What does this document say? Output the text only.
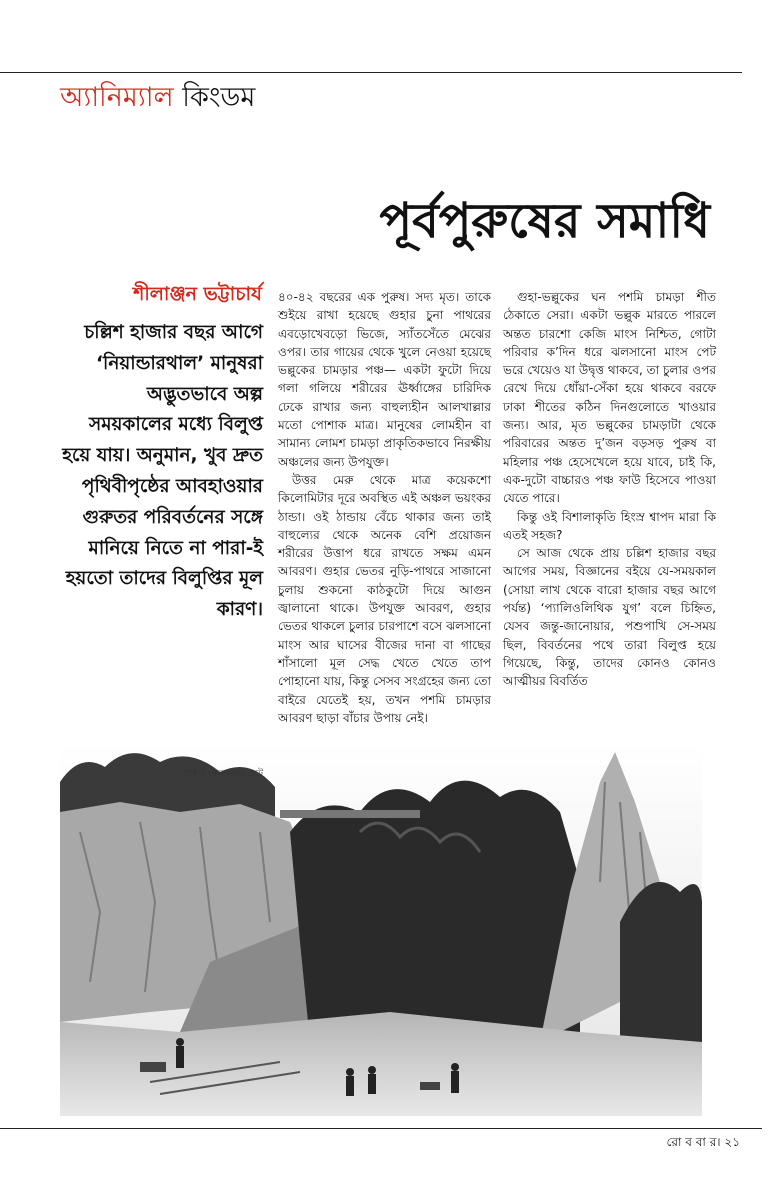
অ্যানিম্যাল কিংডম
পূর্বপুরুষের সমাধি
শীলাঞ্জন ভট্টাচার্য

চল্লিশ হাজার বছর আগে ‘নিয়ান্ডারথাল’ মানুষরা অদ্ভুতভাবে অল্প সময়কালের মধ্যে বিলুপ্ত হয়ে যায়। অনুমান, খুব দ্রুত পৃথিবীপৃষ্ঠের আবহাওয়ার গুরুতর পরিবর্তনের সঙ্গে মানিয়ে নিতে না পারা-ই হয়তো তাদের বিলুপ্তির মূল কারণ।

৪০-৪২ বছরের এক পুরুষ। সদ্য মৃত। তাকে শুইয়ে রাখা হয়েছে গুহার চুনা পাথরের এবড়োখেবড়ো ভিজে, স্যাঁতসেঁতে মেঝের ওপর। তার গায়ের থেকে খুলে নেওয়া হয়েছে ভল্লুকের চামড়ার পঞ্চ— একটা ফুটো দিয়ে গলা গলিয়ে শরীরের ঊর্ধ্বাঙ্গের চারিদিক ঢেকে রাখার জন্য বাহুল্যহীন আলখাল্লার মতো পোশাক মাত্র। মানুষের লোমহীন বা সামান্য লোমশ চামড়া প্রাকৃতিকভাবে নিরক্ষীয় অঞ্চলের জন্য উপযুক্ত।

উত্তর মেরু থেকে মাত্র কয়েকশো কিলোমিটার দূরে অবস্থিত এই অঞ্চল ভয়ংকর ঠান্ডা। ওই ঠান্ডায় বেঁচে থাকার জন্য তাই বাহুল্যের থেকে অনেক বেশি প্রয়োজন শরীরের উত্তাপ ধরে রাখতে সক্ষম এমন আবরণ। গুহার ভেতর নুড়ি-পাথরে সাজানো চুলায় শুকনো কাঠকুটো দিয়ে আগুন জ্বালানো থাকে। উপযুক্ত আবরণ, গুহার ভেতর থাকলে চুলার চারপাশে বসে ঝলসানো মাংস আর ঘাসের বীজের দানা বা গাছের শাঁসালো মূল সেদ্ধ খেতে খেতে তাপ পোহানো যায়, কিন্তু সেসব সংগ্রহের জন্য তো বাইরে যেতেই হয়, তখন পশমি চামড়ার আবরণ ছাড়া বাঁচার উপায় নেই।

গুহা-ভল্লুকের ঘন পশমি চামড়া শীত ঠেকাতে সেরা। একটা ভল্লুক মারতে পারলে অন্তত চারশো কেজি মাংস নিশ্চিত, গোটা পরিবার ক’দিন ধরে ঝলসানো মাংস পেট ভরে খেয়েও যা উদ্বৃত্ত থাকবে, তা চুলার ওপর রেখে দিয়ে ধোঁয়া-সেঁকা হয়ে থাকবে বরফে ঢাকা শীতের কঠিন দিনগুলোতে খাওয়ার জন্য। আর, মৃত ভল্লুকের চামড়াটা থেকে পরিবারের অন্তত দু’জন বড়সড় পুরুষ বা মহিলার পঞ্চ হেসেখেলে হয়ে যাবে, চাই কি, এক-দুটো বাচ্চারও পঞ্চ ফাউ হিসেবে পাওয়া যেতে পারে।

কিন্তু ওই বিশালাকৃতি হিংস্র শ্বাপদ মারা কি এতই সহজ?

সে আজ থেকে প্রায় চল্লিশ হাজার বছর আগের সময়, বিজ্ঞানের বইয়ে যে-সময়কাল (সোয়া লাখ থেকে বারো হাজার বছর আগে পর্যন্ত) ‘প্যালিওলিথিক যুগ’ বলে চিহ্নিত, যেসব জন্তু-জানোয়ার, পশুপাখি সে-সময় ছিল, বিবর্তনের পথে তারা বিলুপ্ত হয়ে গিয়েছে, কিন্তু, তাদের কোনও কোনও আত্মীয়র বিবর্তিত

খাইনা ফেল্ডহফার গ্রটে
রো ব বা র। ২১
